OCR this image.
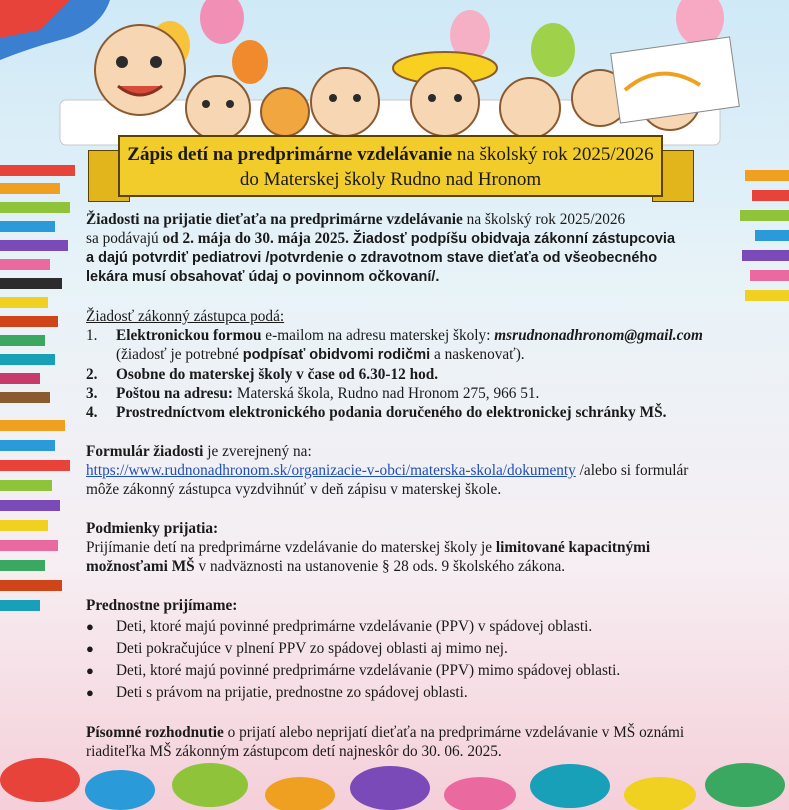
Zápis detí na predprimárne vzdelávanie na školský rok 2025/2026
do Materskej školy Rudno nad Hronom
Žiadosti na prijatie dieťaťa na predprimárne vzdelávanie na školský rok 2025/2026
sa podávajú od 2. mája do 30. mája 2025. Žiadosť podpíšu obidvaja zákonní zástupcovia
a dajú potvrdiť pediatrovi /potvrdenie o zdravotnom stave dieťaťa od všeobecného
lekára musí obsahovať údaj o povinnom očkovaní/.
Žiadosť zákonný zástupca podá:
1.	Elektronickou formou e-mailom na adresu materskej školy: msrudnonadhronom@gmail.com
(žiadosť je potrebné podpísať obidvomi rodičmi a naskenovať).
2.	Osobne do materskej školy v čase od 6.30-12 hod.
3.	Poštou na adresu: Materská škola, Rudno nad Hronom 275, 966 51.
4.	Prostredníctvom elektronického podania doručeného do elektronickej schránky MŠ.
Formulár žiadosti je zverejnený na:
https://www.rudnonadhronom.sk/organizacie-v-obci/materska-skola/dokumenty /alebo si formulár
môže zákonný zástupca vyzdvihnúť v deň zápisu v materskej škole.
Podmienky prijatia:
Prijímanie detí na predprimárne vzdelávanie do materskej školy je limitované kapacitnými
možnosťami MŠ v nadväznosti na ustanovenie § 28 ods. 9 školského zákona.
Prednostne prijímame:
●	Deti, ktoré majú povinné predprimárne vzdelávanie (PPV) v spádovej oblasti.
●	Deti pokračujúce v plnení PPV zo spádovej oblasti aj mimo nej.
●	Deti, ktoré majú povinné predprimárne vzdelávanie (PPV) mimo spádovej oblasti.
●	Deti s právom na prijatie, prednostne zo spádovej oblasti.
Písomné rozhodnutie o prijatí alebo neprijatí dieťaťa na predprimárne vzdelávanie v MŠ oznámi
riaditeľka MŠ zákonným zástupcom detí najneskôr do 30. 06. 2025.
